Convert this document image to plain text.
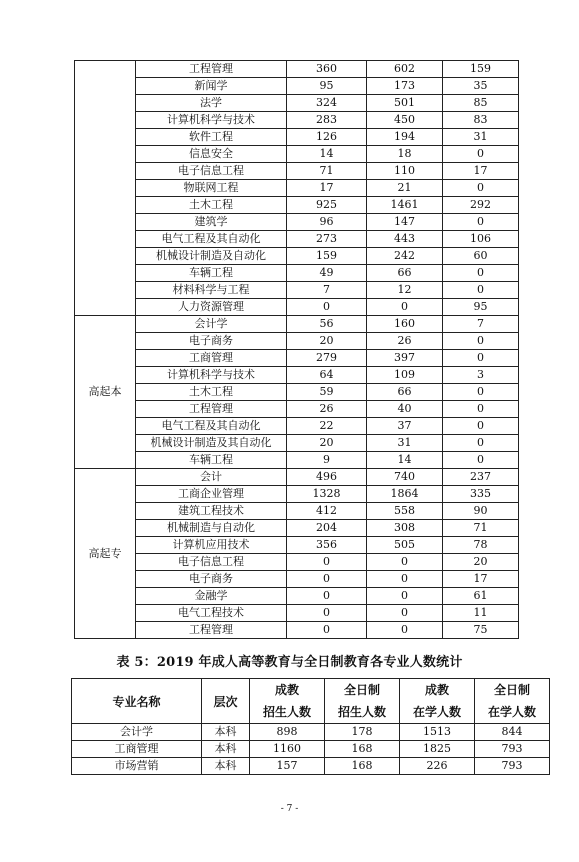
	工程管理	360	602	159
	新闻学	95	173	35
	法学	324	501	85
	计算机科学与技术	283	450	83
	软件工程	126	194	31
	信息安全	14	18	0
	电子信息工程	71	110	17
	物联网工程	17	21	0
	土木工程	925	1461	292
	建筑学	96	147	0
	电气工程及其自动化	273	443	106
	机械设计制造及自动化	159	242	60
	车辆工程	49	66	0
	材料科学与工程	7	12	0
	人力资源管理	0	0	95
高起本	会计学	56	160	7
	电子商务	20	26	0
	工商管理	279	397	0
	计算机科学与技术	64	109	3
	土木工程	59	66	0
	工程管理	26	40	0
	电气工程及其自动化	22	37	0
	机械设计制造及其自动化	20	31	0
	车辆工程	9	14	0
高起专	会计	496	740	237
	工商企业管理	1328	1864	335
	建筑工程技术	412	558	90
	机械制造与自动化	204	308	71
	计算机应用技术	356	505	78
	电子信息工程	0	0	20
	电子商务	0	0	17
	金融学	0	0	61
	电气工程技术	0	0	11
	工程管理	0	0	75
表 5：2019 年成人高等教育与全日制教育各专业人数统计
专业名称	层次	成教	全日制	成教	全日制
		招生人数	招生人数	在学人数	在学人数
会计学	本科	898	178	1513	844
工商管理	本科	1160	168	1825	793
市场营销	本科	157	168	226	793
- 7 -
